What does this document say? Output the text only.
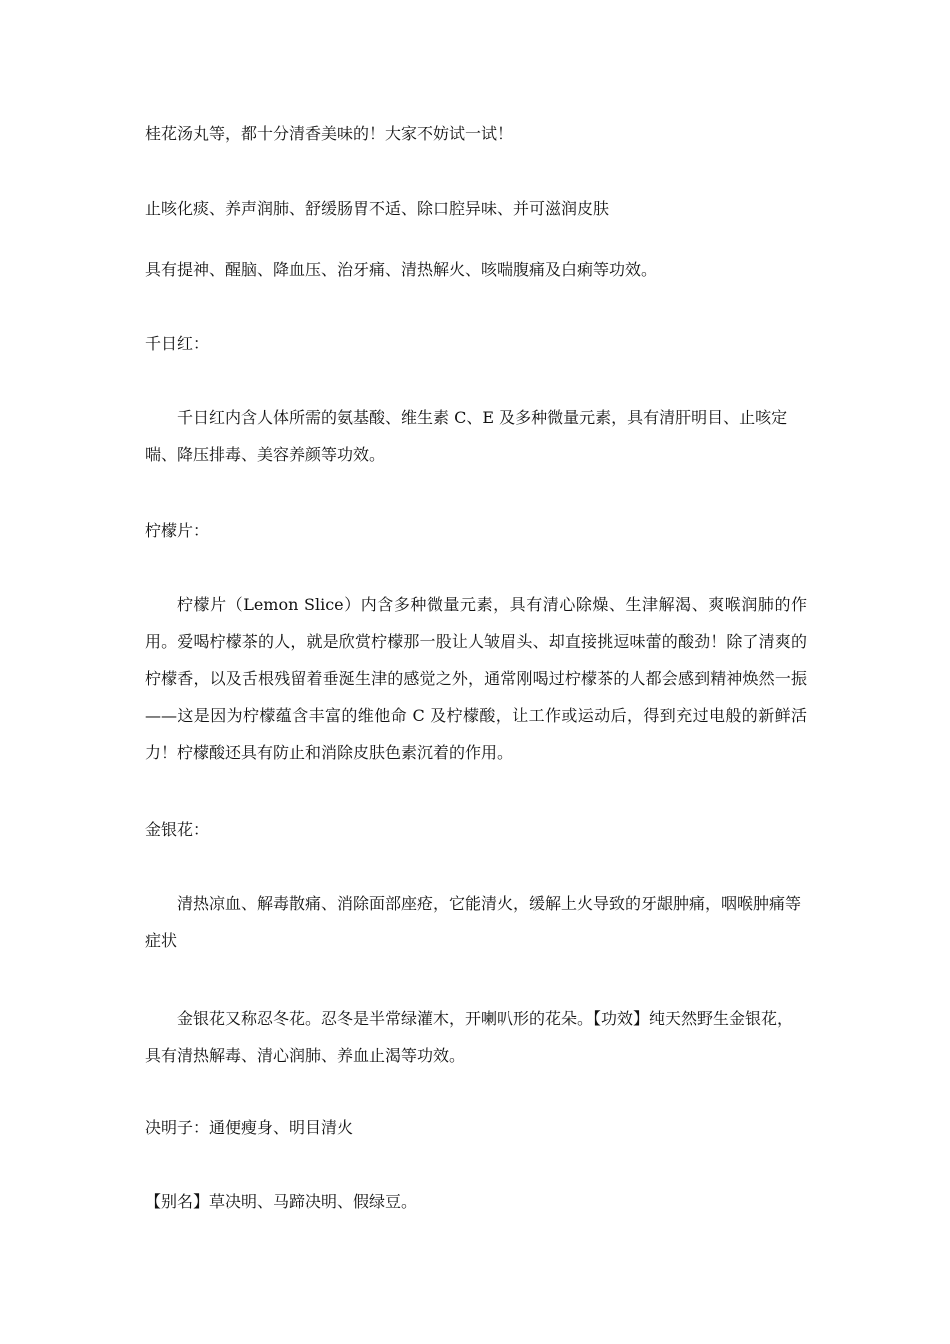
桂花汤丸等，都十分清香美味的！大家不妨试一试！
止咳化痰、养声润肺、舒缓肠胃不适、除口腔异味、并可滋润皮肤
具有提神、醒脑、降血压、治牙痛、清热解火、咳喘腹痛及白痢等功效。
千日红：
千日红内含人体所需的氨基酸、维生素 C、E 及多种微量元素，具有清肝明目、止咳定喘、降压排毒、美容养颜等功效。
柠檬片：
柠檬片（Lemon Slice）内含多种微量元素，具有清心除燥、生津解渴、爽喉润肺的作用。爱喝柠檬茶的人，就是欣赏柠檬那一股让人皱眉头、却直接挑逗味蕾的酸劲！除了清爽的柠檬香，以及舌根残留着垂涎生津的感觉之外，通常刚喝过柠檬茶的人都会感到精神焕然一振——这是因为柠檬蕴含丰富的维他命 C 及柠檬酸，让工作或运动后，得到充过电般的新鲜活力！柠檬酸还具有防止和消除皮肤色素沉着的作用。
金银花：
清热凉血、解毒散痛、消除面部座疮，它能清火，缓解上火导致的牙龈肿痛，咽喉肿痛等症状
金银花又称忍冬花。忍冬是半常绿灌木，开喇叭形的花朵。【功效】纯天然野生金银花，具有清热解毒、清心润肺、养血止渴等功效。
决明子：通便瘦身、明目清火
【别名】草决明、马蹄决明、假绿豆。
